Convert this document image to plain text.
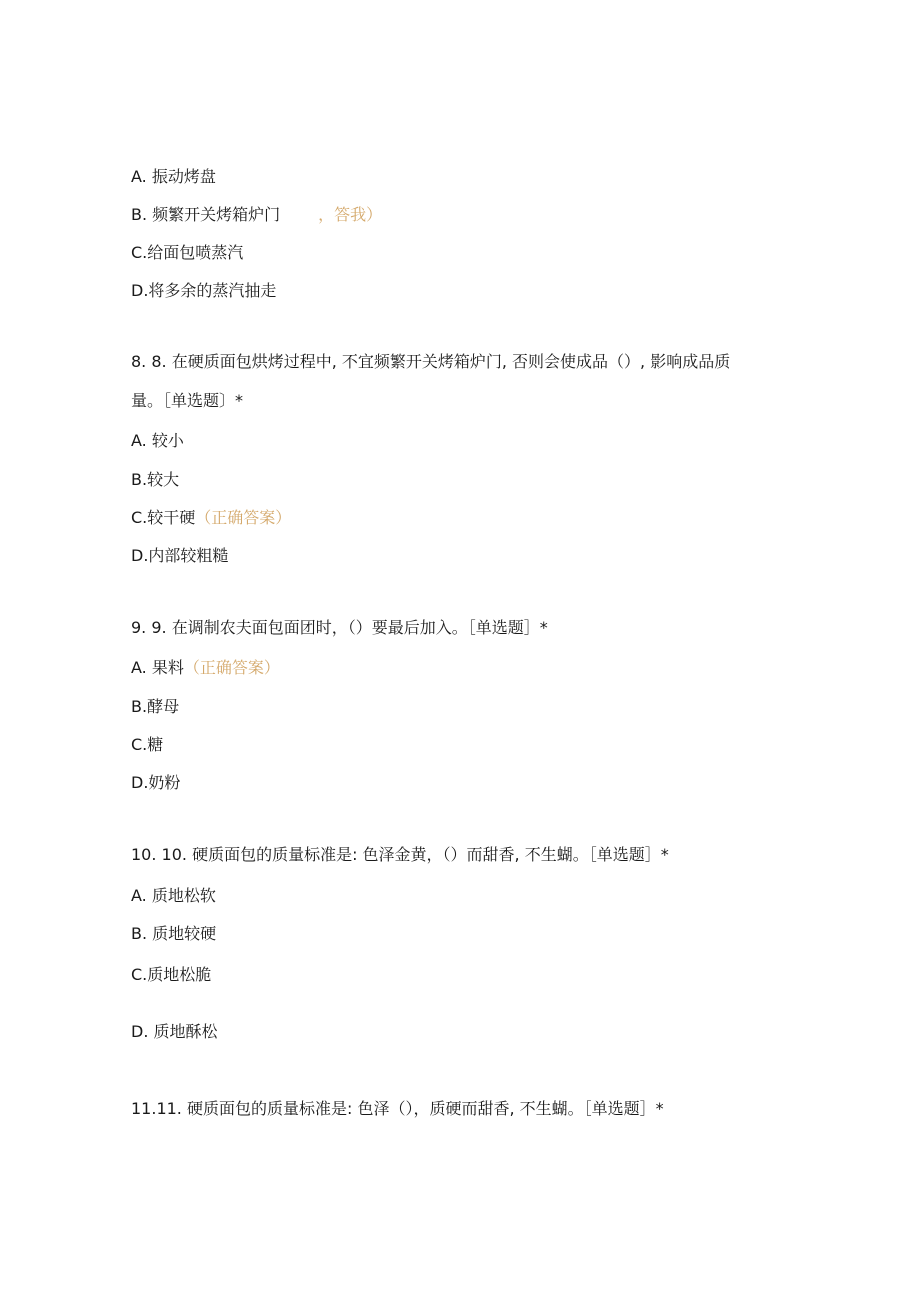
A. 振动烤盘
B. 频繁开关烤箱炉门 ，答我）
C.给面包喷蒸汽
D.将多余的蒸汽抽走
8. 8. 在硬质面包烘烤过程中, 不宜频繁开关烤箱炉门, 否则会使成品（）, 影响成品质
量。［单选题〕*
A. 较小
B.较大
C.较干硬（正确答案）
D.内部较粗糙
9. 9. 在调制农夫面包面团时，（）要最后加入。［单选题］*
A. 果料（正确答案）
B.酵母
C.糖
D.奶粉
10. 10. 硬质面包的质量标准是: 色泽金黄，（）而甜香, 不生蝴。［单选题］*
A. 质地松软
B. 质地较硬
C.质地松脆
D. 质地酥松
11.11. 硬质面包的质量标准是: 色泽（），质硬而甜香, 不生蝴。［单选题］*
